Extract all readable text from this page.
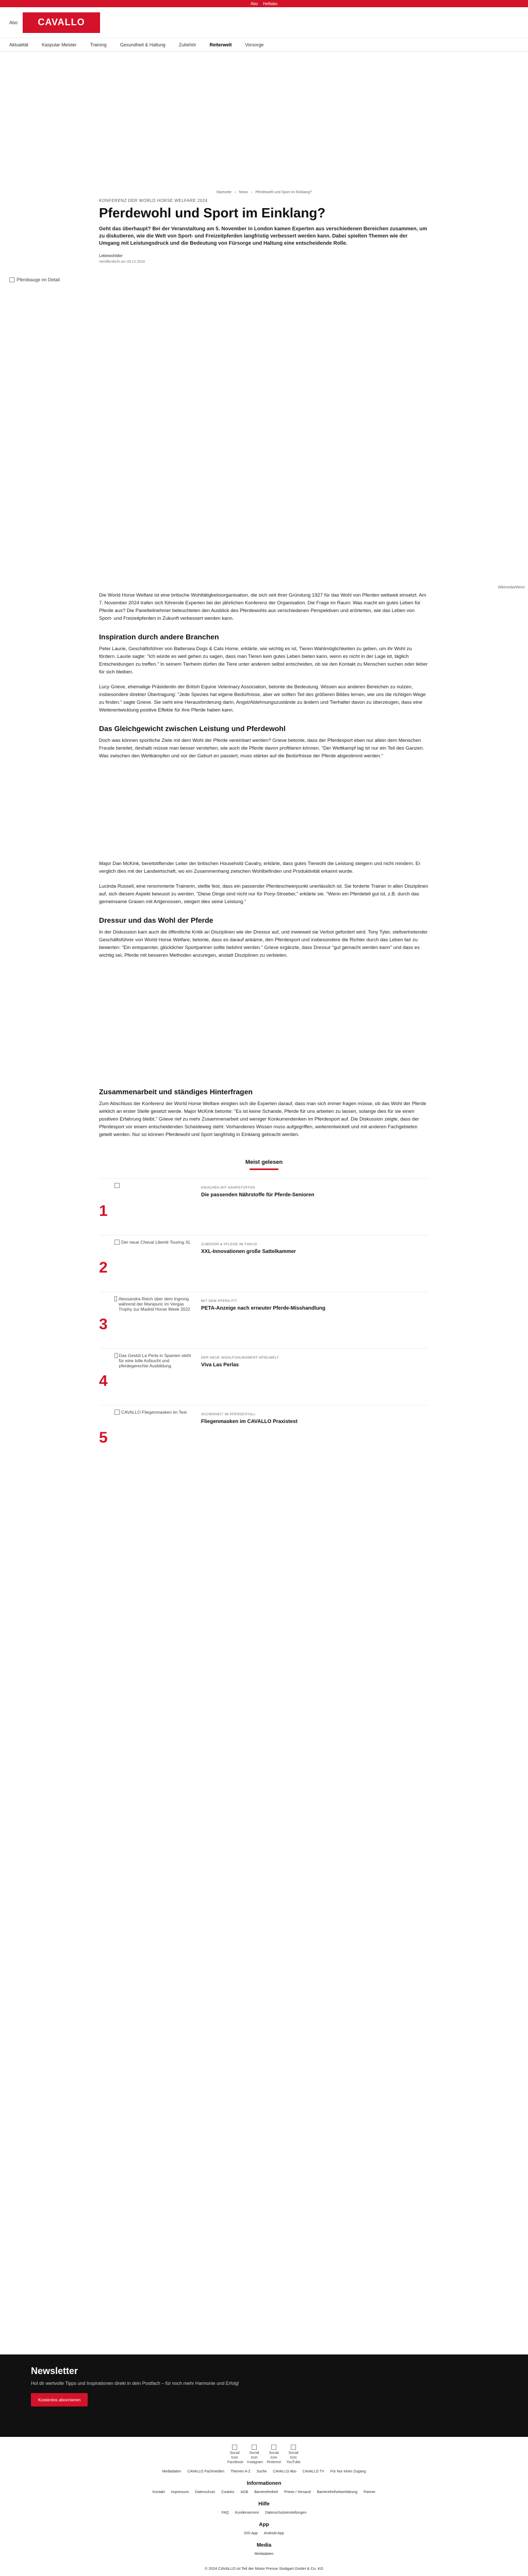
Abo Heftabo
Abo	CAVALLO
Aktualität	Kaspular Meister	Training	Gesundheit & Haltung	Zubehör	Reiterwelt	Vorsorge
Startseite › News › Pferdewohl und Sport im Einklang?
KONFERENZ DER WORLD HORSE WELFARE 2024
Pferdewohl und Sport im Einklang?

Geht das überhaupt? Bei der Veranstaltung am 5. November in London kamen Experten aus verschiedenen Bereichen zusammen, um zu diskutieren, wie die Welt von Sport- und Freizeitpferden langfristig verbessert werden kann. Dabei spielten Themen wie der Umgang mit Leistungsdruck und die Bedeutung von Fürsorge und Haltung eine entscheidende Rolle.

Lebewohlder
Veröffentlicht am 09.12.2024
Pferdeauge im Detail
Wikimedia/Wenn

Die World Horse Welfare ist eine britische Wohltätigkeitsorganisation, die sich seit ihrer Gründung 1927 für das Wohl von Pferden weltweit einsetzt. Am 7. November 2024 trafen sich führende Experten bei der jährlichen Konferenz der Organisation. Die Frage im Raum: Was macht ein gutes Leben für Pferde aus? Die Panelteilnehmer beleuchteten den Ausblick des Pferdewohls aus verschiedenen Perspektiven und erörterten, wie das Leben von Sport- und Freizeitpferden in Zukunft verbessert werden kann.

Inspiration durch andere Branchen

Peter Laurie, Geschäftsführer von Battersea Dogs & Cats Home, erklärte, wie wichtig es ist, Tieren Wahlmöglichkeiten zu geben, um ihr Wohl zu fördern. Laurie sagte: "Ich würde es weit gehen zu sagen, dass man Tieren kein gutes Leben bieten kann, wenn es nicht in der Lage ist, täglich Entscheidungen zu treffen." In seinem Tierheim dürfen die Tiere unter anderem selbst entscheiden, ob sie den Kontakt zu Menschen suchen oder lieber für sich bleiben.

Lucy Grieve, ehemalige Präsidentin der British Equine Veterinary Association, betonte die Bedeutung. Wissen aus anderen Bereichen zu nutzen, insbesondere direkter Übertragung: "Jede Spezies hat eigene Bedürfnisse, aber wir sollten Teil des größeren Bildes lernen, wie uns die richtigen Wege zu finden." sagte Grieve. Sie sieht eine Herausforderung darin, Angst/Ablehnungszustände zu ändern und Tierhalter davon zu überzeugen, dass eine Weiterentwicklung positive Effekte für ihre Pferde haben kann.

Das Gleichgewicht zwischen Leistung und Pferdewohl

Doch was können sportliche Ziele mit dem Wohl der Pferde vereinbart werden? Grieve betonte, dass der Pferdesport eben nur allein dem Menschen Freude bereitet, deshalb müsse man besser verstehen, wie auch die Pferde davon profitieren können. "Der Wettkampf lag ist nur ein Teil des Ganzen. Was zwischen den Wettkämpfen und vor der Geburt en passiert, muss stärker auf die Bedürfnisse der Pferde abgestimmt werden."

Major Dan McKink, bereitstiftender Leiter der britischen Household Cavalry, erklärte, dass gutes Tierwohl die Leistung steigern und nicht mindern. Er verglich dies mit der Landwirtschaft, wo ein Zusammenhang zwischen Wohlbefinden und Produktivität erkannt wurde.

Lucinda Russell, eine renommierte Trainerin, stellte fest, dass ein passender Pferdeschwerpunkt unerlässlich ist. Sie forderte Trainer in allen Disziplinen auf, sich diesem Aspekt bewusst zu werden. "Diese Dinge sind nicht nur für Pony-Stroeber," erklärte sie. "Wenn ein Pferdeteil gut ist, z.B. durch das gemeinsame Grasen mit Artgenossen, steigert dies seine Leistung."

Dressur und das Wohl der Pferde

In der Diskussion kam auch die öffentliche Kritik an Disziplinen wie der Dressur auf, und inwieweit sie Verbot gefordert wird. Tony Tyler, stellvertretender Geschäftsführer von World Horse Welfare, betonte, dass es darauf ankäme, den Pferdesport und insbesondere die Richter durch das Leben fair zu bewerten: "Ein entspannter, glücklicher Sportpartner sollte belohnt werden." Grieve ergänzte, dass Dressur "gut gemacht werden kann" und dass es wichtig sei, Pferde mit besseren Methoden anzuregen, anstatt Disziplinen zu verbieten.

Zusammenarbeit und ständiges Hinterfragen

Zum Abschluss der Konferenz der World Horse Welfare einigten sich die Experten darauf, dass man sich immer fragen müsse, ob das Wohl der Pferde wirklich an erster Stelle gesetzt werde. Major McKink betonte: "Es ist keine Schande, Pferde für uns arbeiten zu lassen, solange dies für sie einen positiven Erfahrung bleibt." Grieve rief zu mehr Zusammenarbeit und weniger Konkurrendenken im Pferdesport auf. Die Diskussion zeigte, dass der Pferdesport vor einem entscheidenden Scheideweg steht: Vorhandenes Wissen muss aufgegriffen, weiterentwickelt und mit anderen Fachgebieten geteilt werden. Nur so können Pferdewohl und Sport langfristig in Einklang gebracht werden.

Meist gelesen
1
KNOCHEN MIT NÄHRSTOFFEN
Die passenden Nährstoffe für Pferde-Senioren
2
Der neue Cheval Liberté Touring XL	ZUBEHÖR & PFLEGE IM FOKUS
XXL-Innovationen große Sattelkammer
3
Alessandra Reich über dem Ingrong während der Manipuric im Vergas Trophy zur Madrid Horse Week 2022
MIT DEM PFERD FIT
PETA-Anzeige nach erneuter Pferde-Misshandlung
4
Das Gestüt La Perla in Spanien steht für eine tolle Aufsucht und pferdegerechte Ausbildung.
DER NEUE WOHLFÜHLMOMENT-SPIELWELT
Viva Las Perlas
5
CAVALLO Fliegenmasken im Test	SICHERHEIT IM PFERDESTALL
Fliegenmasken im CAVALLO Praxistest
Newsletter

Hol dir wertvolle Tipps und Inspirationen direkt in dein Postfach – für noch mehr Harmonie und Erfolg!

Kostenlos abonnieren
Social Icon Facebook
Social Icon Instagram
Social Icon Pinterest
Social Icon YouTube
Mediadaten CAVALLO Fachmedien Themen A-Z Suche CAVALLO Abo CAVALLO TV Für Nur einen Zugang
Informationen
Kontakt Impressum Datenschutz Cookies AGB Barrierefreiheit Preise / Versand Barrierefreiheitserklärung Partner
Hilfe
FAQ Kundenservice Datenschutzeinstellungen
App
iOS-App Android-App
Media
Mediadaten
© 2024 CAVALLO ist Teil der Motor Presse Stuttgart GmbH & Co. KG
